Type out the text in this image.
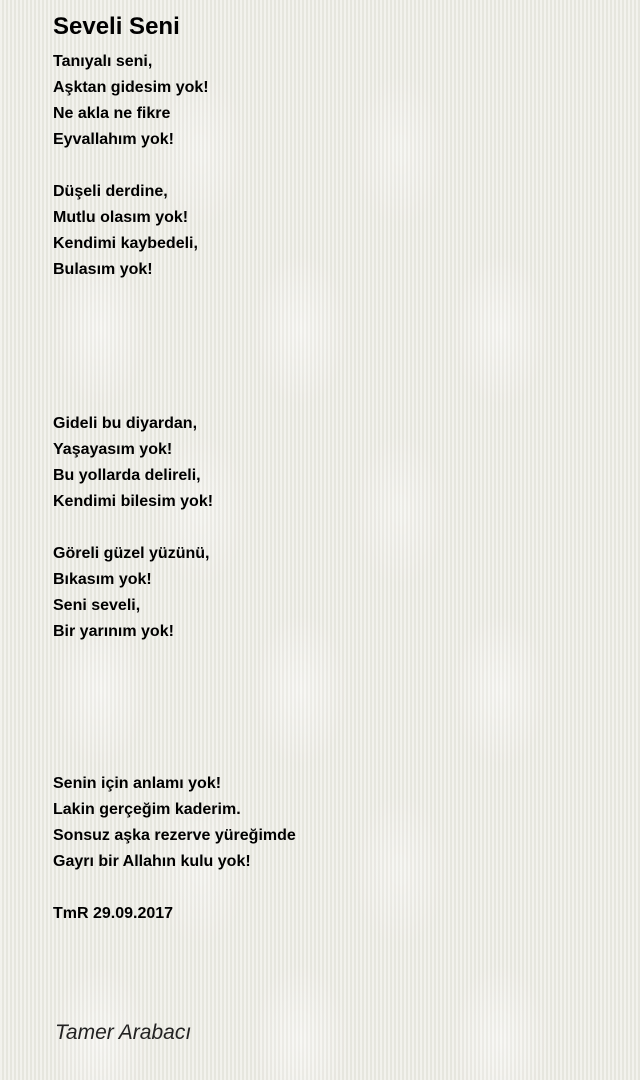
Seveli Seni
Tanıyalı seni,
Aşktan gidesim yok!
Ne akla ne fikre
Eyvallahım yok!
Düşeli derdine,
Mutlu olasım yok!
Kendimi kaybedeli,
Bulasım yok!
Gideli bu diyardan,
Yaşayasım yok!
Bu yollarda delireli,
Kendimi bilesim yok!
Göreli güzel yüzünü,
Bıkasım yok!
Seni seveli,
Bir yarınım yok!
Senin için anlamı yok!
Lakin gerçeğim kaderim.
Sonsuz aşka rezerve yüreğimde
Gayrı bir Allahın kulu yok!
TmR 29.09.2017
Tamer Arabacı
